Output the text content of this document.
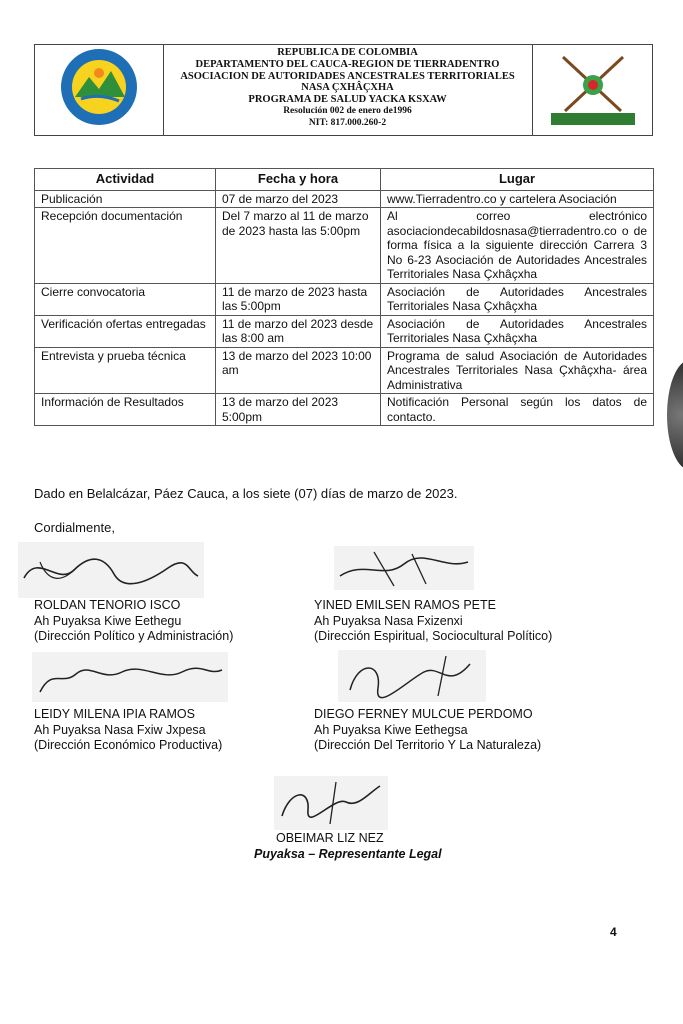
REPUBLICA DE COLOMBIA
DEPARTAMENTO DEL CAUCA-REGION DE TIERRADENTRO
ASOCIACION DE AUTORIDADES ANCESTRALES TERRITORIALES
NASA ÇXHÂÇXHA
PROGRAMA DE SALUD YACKA KSXAW
Resolución 002 de enero de1996
NIT: 817.000.260-2
Actividad	Fecha y hora	Lugar
Publicación	07 de marzo del 2023	www.Tierradentro.co y cartelera Asociación
Recepción documentación	Del 7 marzo al 11 de marzo de 2023 hasta las 5:00pm	Al correo electrónico asociaciondecabildosnasa@tierradentro.co o de forma física a la siguiente dirección Carrera 3 No 6-23 Asociación de Autoridades Ancestrales Territoriales Nasa Çxhâçxha
Cierre convocatoria	11 de marzo de 2023 hasta las 5:00pm	Asociación de Autoridades Ancestrales Territoriales Nasa Çxhâçxha
Verificación ofertas entregadas	11 de marzo del 2023 desde las 8:00 am	Asociación de Autoridades Ancestrales Territoriales Nasa Çxhâçxha
Entrevista y prueba técnica	13 de marzo del 2023 10:00 am	Programa de salud Asociación de Autoridades Ancestrales Territoriales Nasa Çxhâçxha- área Administrativa
Información de Resultados	13 de marzo del 2023 5:00pm	Notificación Personal según los datos de contacto.
Dado en Belalcázar, Páez Cauca, a los siete (07) días de marzo de 2023.
Cordialmente,
ROLDAN TENORIO ISCO
Ah Puyaksa Kiwe Eethegu
(Dirección Político y Administración)
YINED EMILSEN RAMOS PETE
Ah Puyaksa Nasa Fxizenxi
(Dirección Espiritual, Sociocultural Político)
LEIDY MILENA IPIA RAMOS
Ah Puyaksa Nasa Fxiw Jxpesa
(Dirección Económico Productiva)
DIEGO FERNEY MULCUE PERDOMO
Ah Puyaksa Kiwe Eethegsa
(Dirección Del Territorio Y La Naturaleza)
OBEIMAR LIZ NEZ
Puyaksa – Representante Legal
4
